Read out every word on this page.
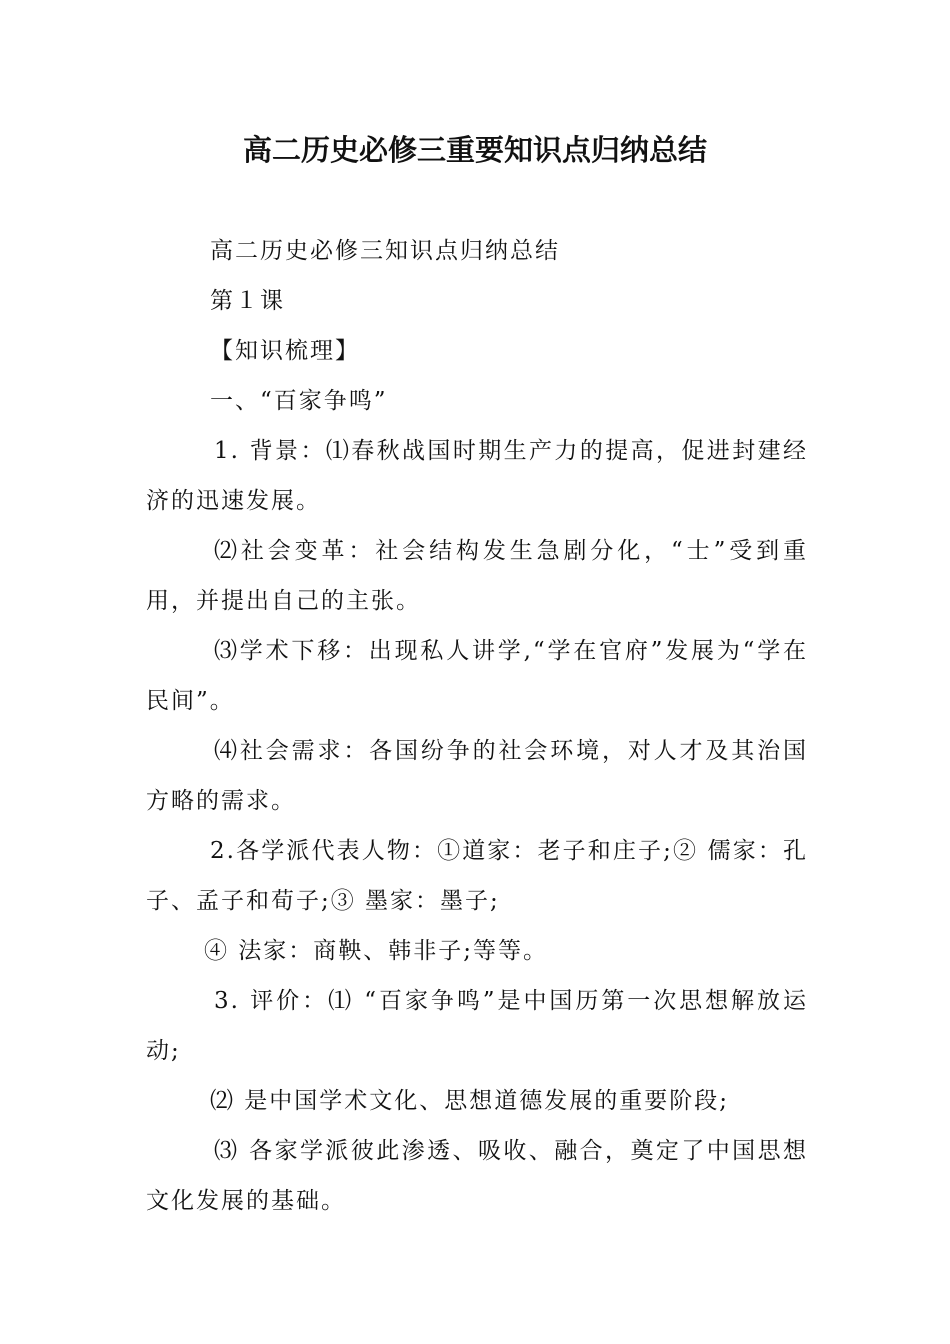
高二历史必修三重要知识点归纳总结

高二历史必修三知识点归纳总结

第１课

【知识梳理】

一、“百家争鸣”

1. 背景：⑴春秋战国时期生产力的提高，促进封建经济的迅速发展。

⑵社会变革：社会结构发生急剧分化，“士”受到重用，并提出自己的主张。

⑶学术下移：出现私人讲学,“学在官府”发展为“学在民间”。

⑷社会需求：各国纷争的社会环境，对人才及其治国方略的需求。

2.各学派代表人物：①道家：老子和庄子;② 儒家：孔子、孟子和荀子;③ 墨家：墨子;

④ 法家：商鞅、韩非子;等等。

3. 评价：⑴ “百家争鸣”是中国历第一次思想解放运动;

⑵ 是中国学术文化、思想道德发展的重要阶段;

⑶ 各家学派彼此渗透、吸收、融合，奠定了中国思想文化发展的基础。
